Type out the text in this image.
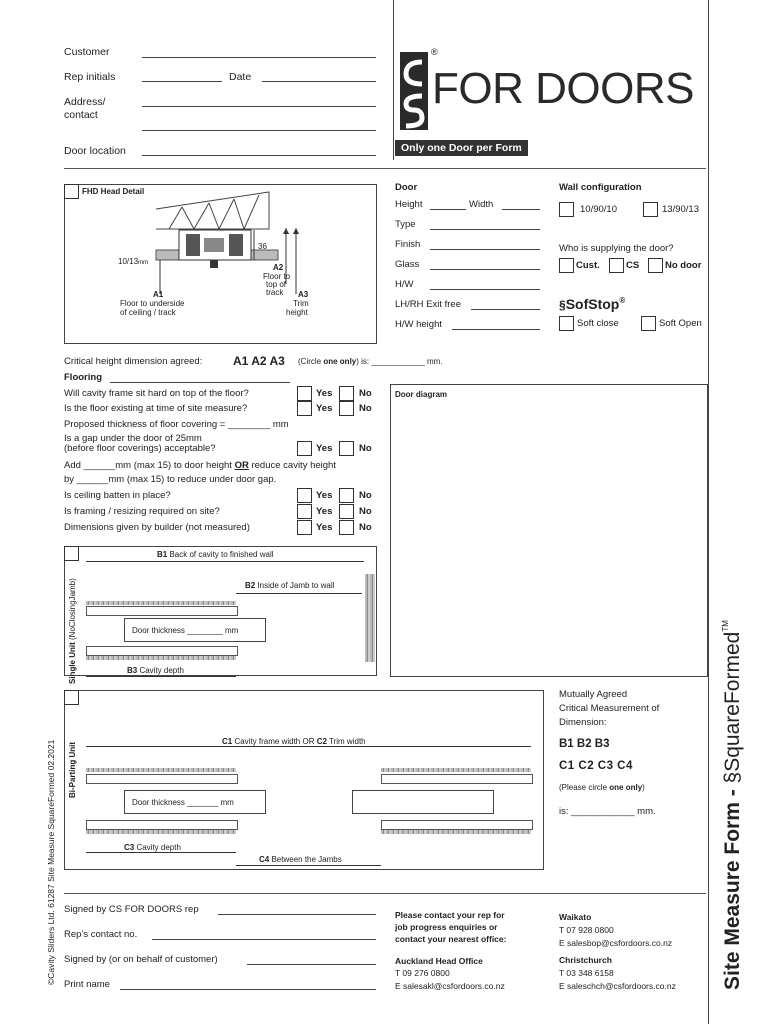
Customer
Rep initials	Date
Address/
contact
Door location
®
FOR DOORS
Only one Door per Form
FHD Head Detail
36
10/13mm	A2
Floor to
top of
track
A1
Floor to underside
of ceiling / track
A3
Trim
height
Door
Height	Width
Type
Finish
Glass
H/W
LH/RH Exit free
H/W height
Wall configuration
10/90/10	13/90/13
Who is supplying the door?
Cust.	CS	No door
§SofStop®
Soft close	Soft Open
Critical height dimension agreed:	A1 A2 A3 (Circle one only) is: ____________ mm.
Flooring
Will cavity frame sit hard on top of the floor?	Yes	No
Is the floor existing at time of site measure?	Yes	No
Proposed thickness of floor covering = ________ mm
Is a gap under the door of 25mm
(before floor coverings) acceptable?	Yes	No
Add ______mm (max 15) to door height OR reduce cavity height
by ______mm (max 15) to reduce under door gap.
Is ceiling batten in place?	Yes	No
Is framing / resizing required on site?	Yes	No
Dimensions given by builder (not measured)	Yes	No
Door diagram
Single Unit (NoClosingJamb)
B1 Back of cavity to finished wall
B2 Inside of Jamb to wall
Door thickness ________ mm
B3 Cavity depth
Bi-Parting Unit
C1 Cavity frame width OR C2 Trim width
Door thickness _______ mm
C3 Cavity depth
C4 Between the Jambs
Mutually Agreed
Critical Measurement of
Dimension:
B1 B2 B3
C1 C2 C3 C4
(Please circle one only)
is: ____________ mm.
Signed by CS FOR DOORS rep
Rep’s contact no.
Signed by (or on behalf of customer)
Print name
Please contact your rep for
job progress enquiries or
contact your nearest office:
Auckland Head Office
T 09 276 0800
E salesakl@csfordoors.co.nz
Waikato
T 07 928 0800
E salesbop@csfordoors.co.nz
Christchurch
T 03 348 6158
E saleschch@csfordoors.co.nz
©Cavity Sliders Ltd. 61287 Site Measure SquareFormed 02.2021	Site Measure Form - §SquareFormed™
